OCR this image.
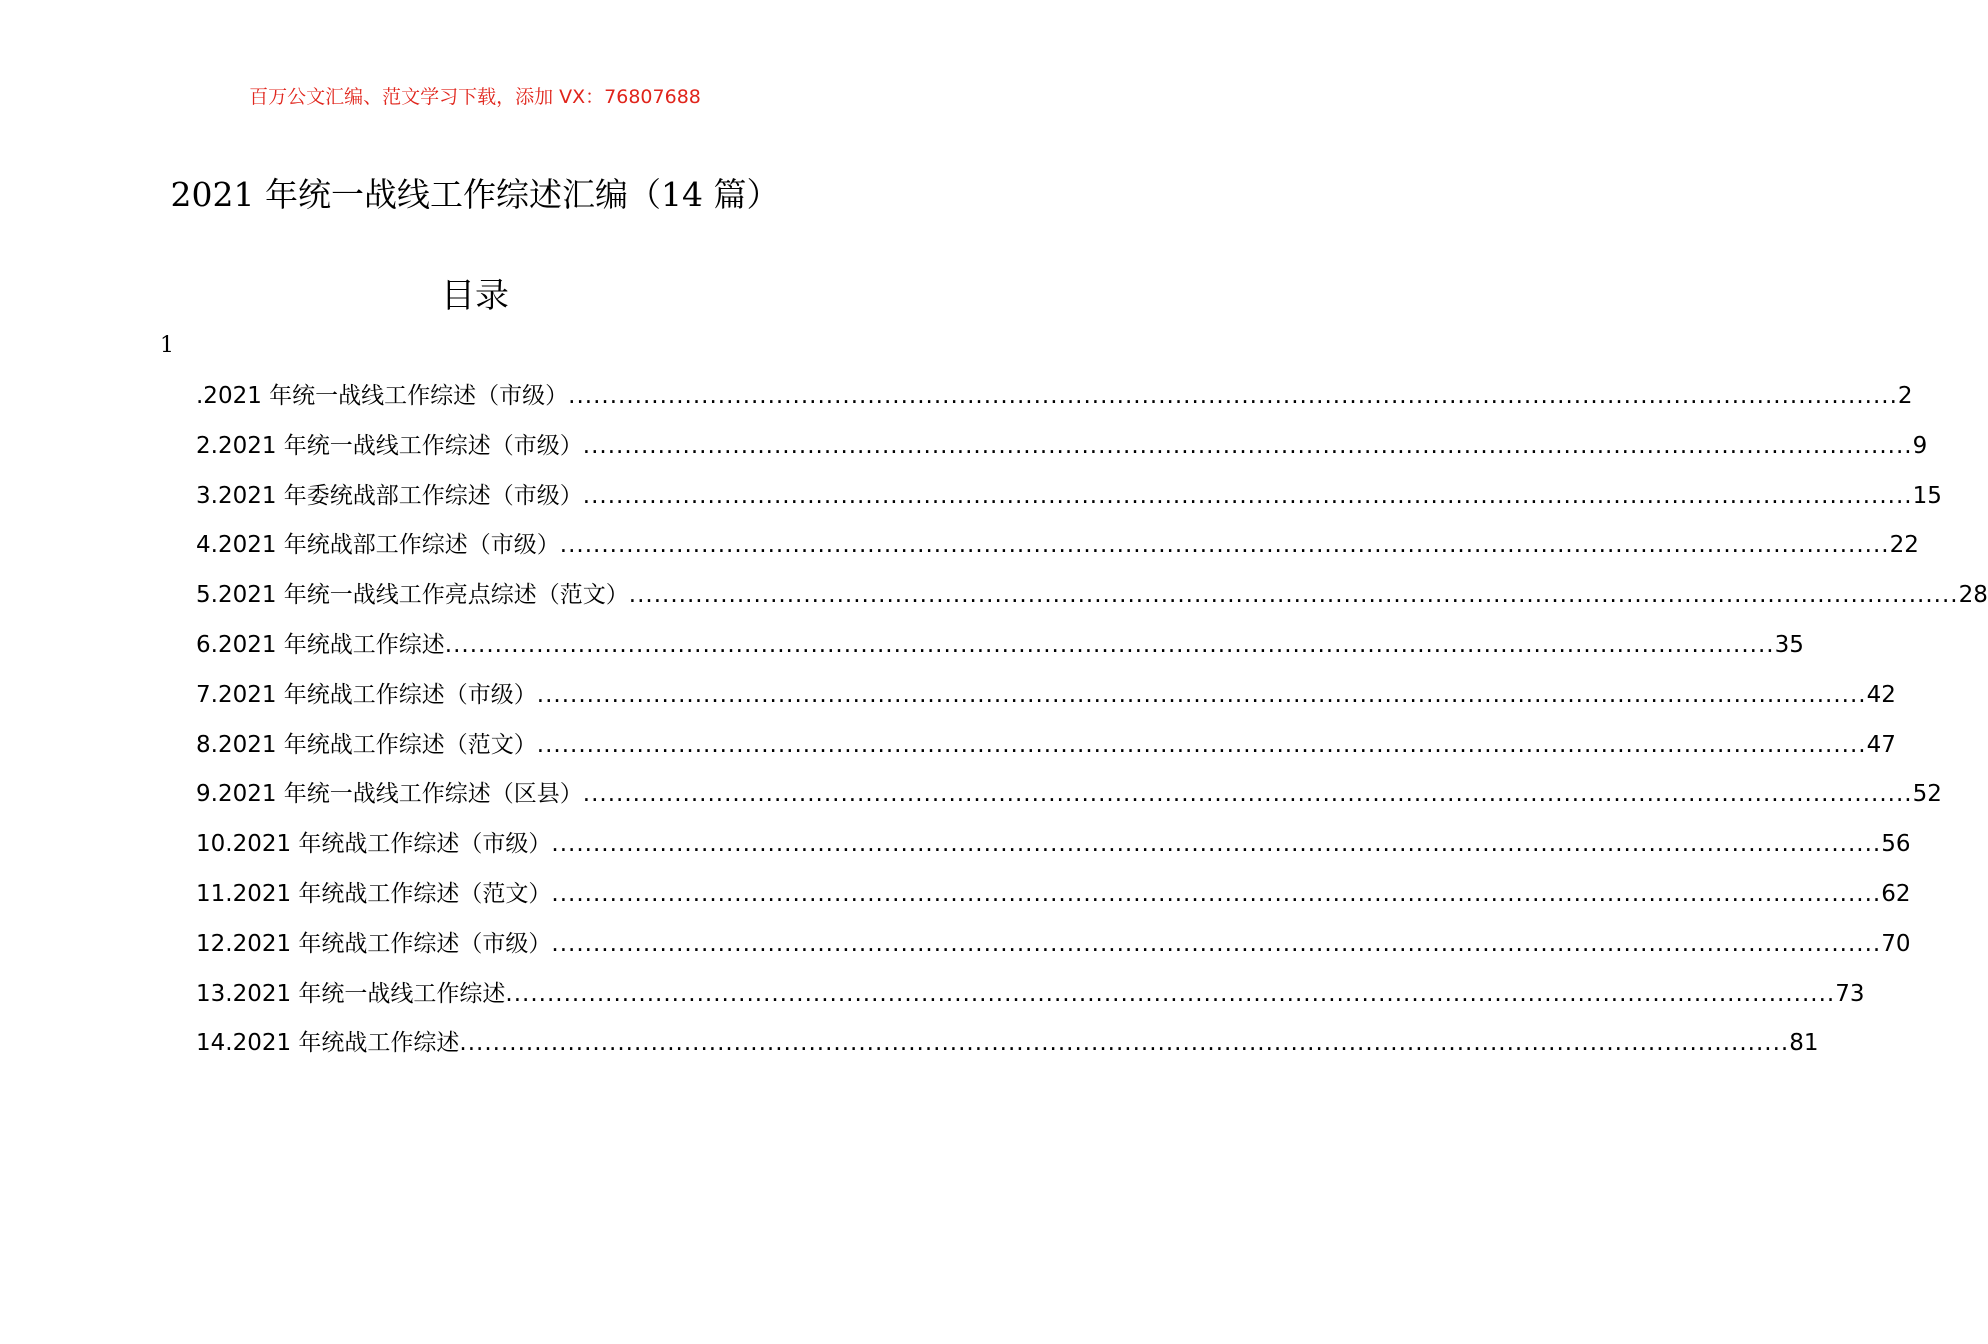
百万公文汇编、范文学习下载，添加 VX：76807688
2021 年统一战线工作综述汇编（14 篇）
目录
1
.2021 年统一战线工作综述（市级） ................................................................................................................................................................ 2
2.2021 年统一战线工作综述（市级） ................................................................................................................................................................ 9
3.2021 年委统战部工作综述（市级） ................................................................................................................................................................ 15
4.2021 年统战部工作综述（市级） ................................................................................................................................................................ 22
5.2021 年统一战线工作亮点综述（范文） ................................................................................................................................................................ 28
6.2021 年统战工作综述 ................................................................................................................................................................ 35
7.2021 年统战工作综述（市级） ................................................................................................................................................................ 42
8.2021 年统战工作综述（范文） ................................................................................................................................................................ 47
9.2021 年统一战线工作综述（区县） ................................................................................................................................................................ 52
10.2021 年统战工作综述（市级） ................................................................................................................................................................ 56
11.2021 年统战工作综述（范文） ................................................................................................................................................................ 62
12.2021 年统战工作综述（市级） ................................................................................................................................................................ 70
13.2021 年统一战线工作综述 ................................................................................................................................................................ 73
14.2021 年统战工作综述 ................................................................................................................................................................ 81
